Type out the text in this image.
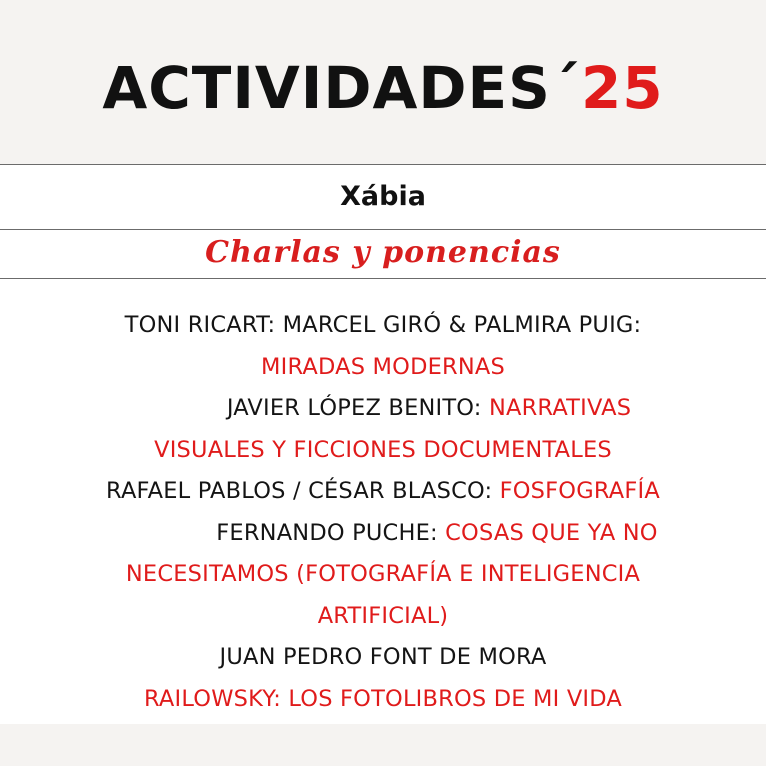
ACTIVIDADES´25
Xábia
Charlas y ponencias
TONI RICART: MARCEL GIRÓ & PALMIRA PUIG:
MIRADAS MODERNAS
JAVIER LÓPEZ BENITO: NARRATIVAS
VISUALES Y FICCIONES DOCUMENTALES
RAFAEL PABLOS / CÉSAR BLASCO: FOSFOGRAFÍA
FERNANDO PUCHE: COSAS QUE YA NO
NECESITAMOS (FOTOGRAFÍA E INTELIGENCIA
ARTIFICIAL)
JUAN PEDRO FONT DE MORA
RAILOWSKY: LOS FOTOLIBROS DE MI VIDA
